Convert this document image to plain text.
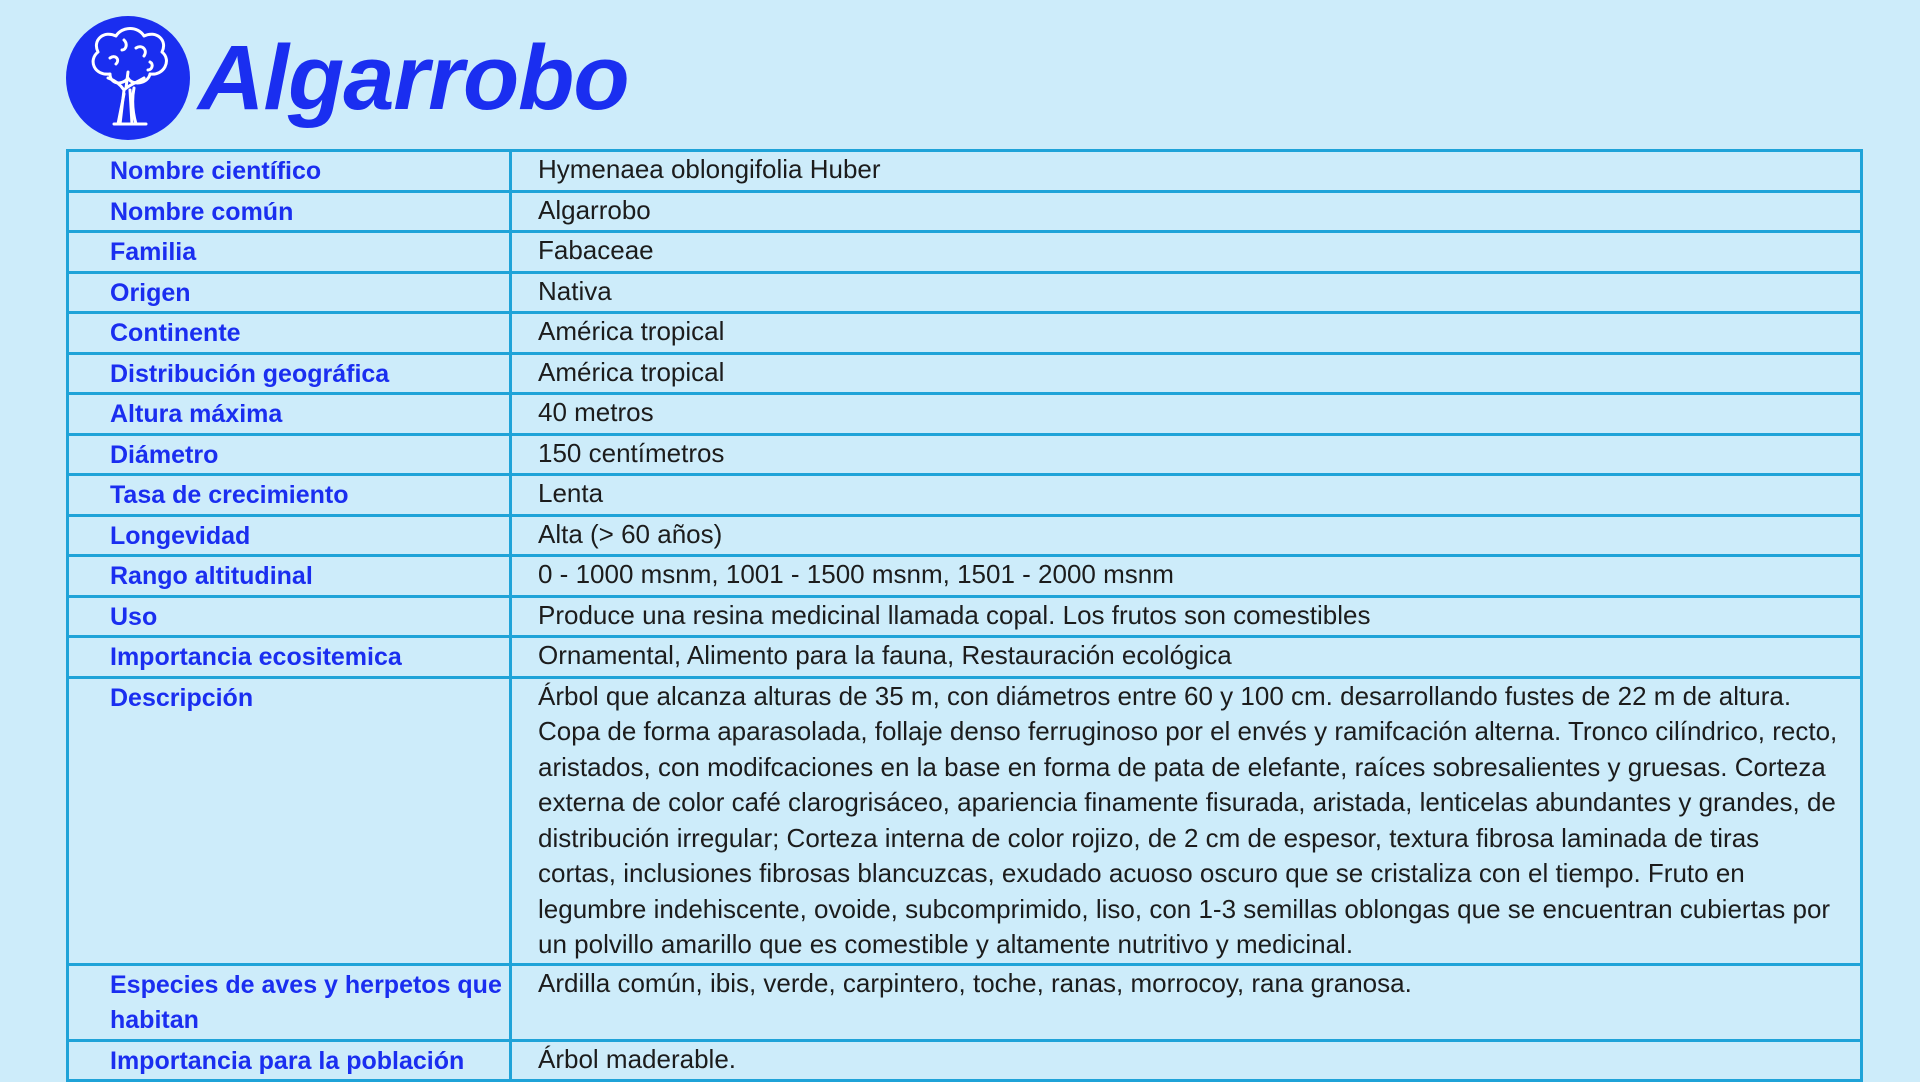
Algarrobo
Nombre científico	Hymenaea oblongifolia Huber
Nombre común	Algarrobo
Familia	Fabaceae
Origen	Nativa
Continente	América tropical
Distribución geográfica	América tropical
Altura máxima	40 metros
Diámetro	150 centímetros
Tasa de crecimiento	Lenta
Longevidad	Alta (> 60 años)
Rango altitudinal	0 - 1000 msnm, 1001 - 1500 msnm, 1501 - 2000 msnm
Uso	Produce una resina medicinal llamada copal. Los frutos son comestibles
Importancia ecositemica	Ornamental, Alimento para la fauna, Restauración ecológica
Descripción	Árbol que alcanza alturas de 35 m, con diámetros entre 60 y 100 cm. desarrollando fustes de 22 m de altura. Copa de forma aparasolada, follaje denso ferruginoso por el envés y ramifcación alterna. Tronco cilíndrico, recto, aristados, con modifcaciones en la base en forma de pata de elefante, raíces sobresalientes y gruesas. Corteza externa de color café clarogrisáceo, apariencia finamente fisurada, aristada, lenticelas abundantes y grandes, de distribución irregular; Corteza interna de color rojizo, de 2 cm de espesor, textura fibrosa laminada de tiras cortas, inclusiones fibrosas blancuzcas, exudado acuoso oscuro que se cristaliza con el tiempo. Fruto en legumbre indehiscente, ovoide, subcomprimido, liso, con 1-3 semillas oblongas que se encuentran cubiertas por un polvillo amarillo que es comestible y altamente nutritivo y medicinal.
Especies de aves y herpetos que habitan	Ardilla común, ibis, verde, carpintero, toche, ranas, morrocoy, rana granosa.
Importancia para la población	Árbol maderable.
